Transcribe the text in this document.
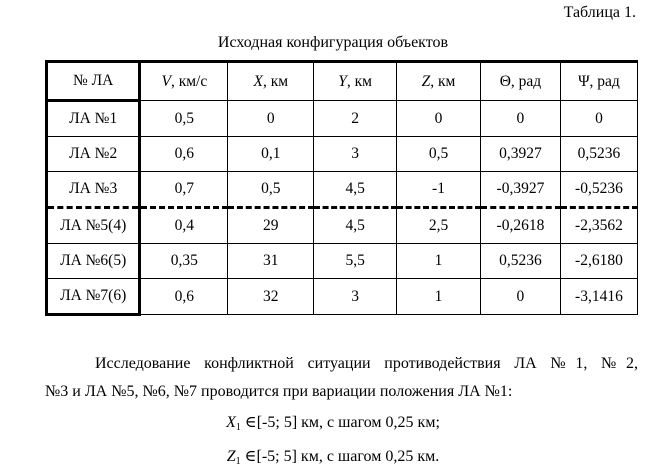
Таблица 1.
Исходная конфигурация объектов
№ ЛА	V, км/с	X, км	Y, км	Z, км	Θ, рад	Ψ, рад
ЛА №1	0,5	0	2	0	0	0
ЛА №2	0,6	0,1	3	0,5	0,3927	0,5236
ЛА №3	0,7	0,5	4,5	-1	-0,3927	-0,5236
ЛА №5(4)	0,4	29	4,5	2,5	-0,2618	-2,3562
ЛА №6(5)	0,35	31	5,5	1	0,5236	-2,6180
ЛА №7(6)	0,6	32	3	1	0	-3,1416
Исследование конфликтной ситуации противодействия ЛА №1, №2,
№3 и ЛА №5, №6, №7 проводится при вариации положения ЛА №1:
$X_1$ ∈[-5; 5] км, с шагом 0,25 км;
$Z_1$ ∈[-5; 5] км, с шагом 0,25 км.
